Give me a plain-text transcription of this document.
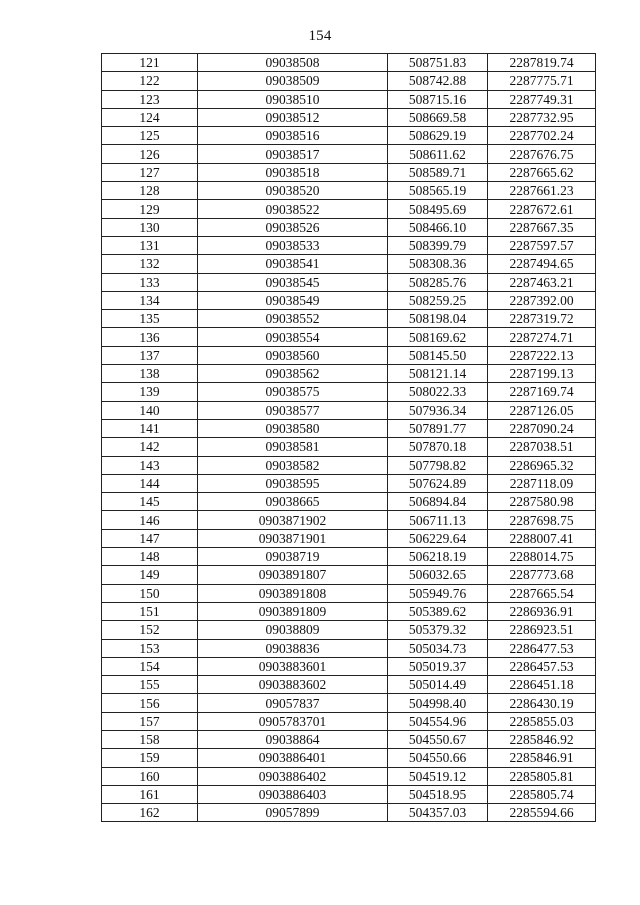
154
121	09038508	508751.83	2287819.74
122	09038509	508742.88	2287775.71
123	09038510	508715.16	2287749.31
124	09038512	508669.58	2287732.95
125	09038516	508629.19	2287702.24
126	09038517	508611.62	2287676.75
127	09038518	508589.71	2287665.62
128	09038520	508565.19	2287661.23
129	09038522	508495.69	2287672.61
130	09038526	508466.10	2287667.35
131	09038533	508399.79	2287597.57
132	09038541	508308.36	2287494.65
133	09038545	508285.76	2287463.21
134	09038549	508259.25	2287392.00
135	09038552	508198.04	2287319.72
136	09038554	508169.62	2287274.71
137	09038560	508145.50	2287222.13
138	09038562	508121.14	2287199.13
139	09038575	508022.33	2287169.74
140	09038577	507936.34	2287126.05
141	09038580	507891.77	2287090.24
142	09038581	507870.18	2287038.51
143	09038582	507798.82	2286965.32
144	09038595	507624.89	2287118.09
145	09038665	506894.84	2287580.98
146	0903871902	506711.13	2287698.75
147	0903871901	506229.64	2288007.41
148	09038719	506218.19	2288014.75
149	0903891807	506032.65	2287773.68
150	0903891808	505949.76	2287665.54
151	0903891809	505389.62	2286936.91
152	09038809	505379.32	2286923.51
153	09038836	505034.73	2286477.53
154	0903883601	505019.37	2286457.53
155	0903883602	505014.49	2286451.18
156	09057837	504998.40	2286430.19
157	0905783701	504554.96	2285855.03
158	09038864	504550.67	2285846.92
159	0903886401	504550.66	2285846.91
160	0903886402	504519.12	2285805.81
161	0903886403	504518.95	2285805.74
162	09057899	504357.03	2285594.66
